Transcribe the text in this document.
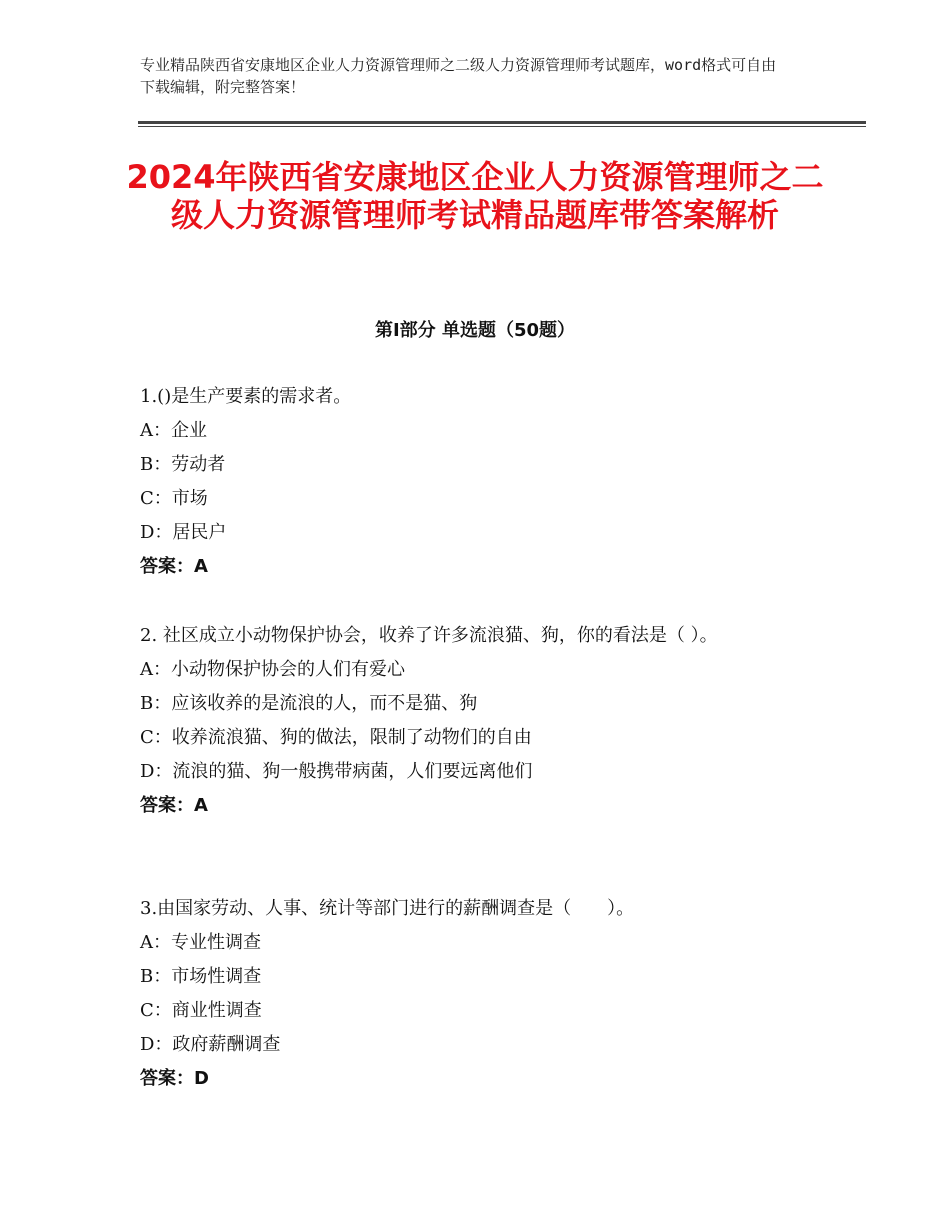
专业精品陕西省安康地区企业人力资源管理师之二级人力资源管理师考试题库，word格式可自由下载编辑，附完整答案！
2024年陕西省安康地区企业人力资源管理师之二级人力资源管理师考试精品题库带答案解析
第Ⅰ部分 单选题（50题）

1.()是生产要素的需求者。

A：企业

B：劳动者

C：市场

D：居民户

答案：A

2. 社区成立小动物保护协会，收养了许多流浪猫、狗，你的看法是（ ）。

A：小动物保护协会的人们有爱心

B：应该收养的是流浪的人，而不是猫、狗

C：收养流浪猫、狗的做法，限制了动物们的自由

D：流浪的猫、狗一般携带病菌，人们要远离他们

答案：A

3.由国家劳动、人事、统计等部门进行的薪酬调查是（　　）。

A：专业性调查

B：市场性调查

C：商业性调查

D：政府薪酬调查

答案：D
